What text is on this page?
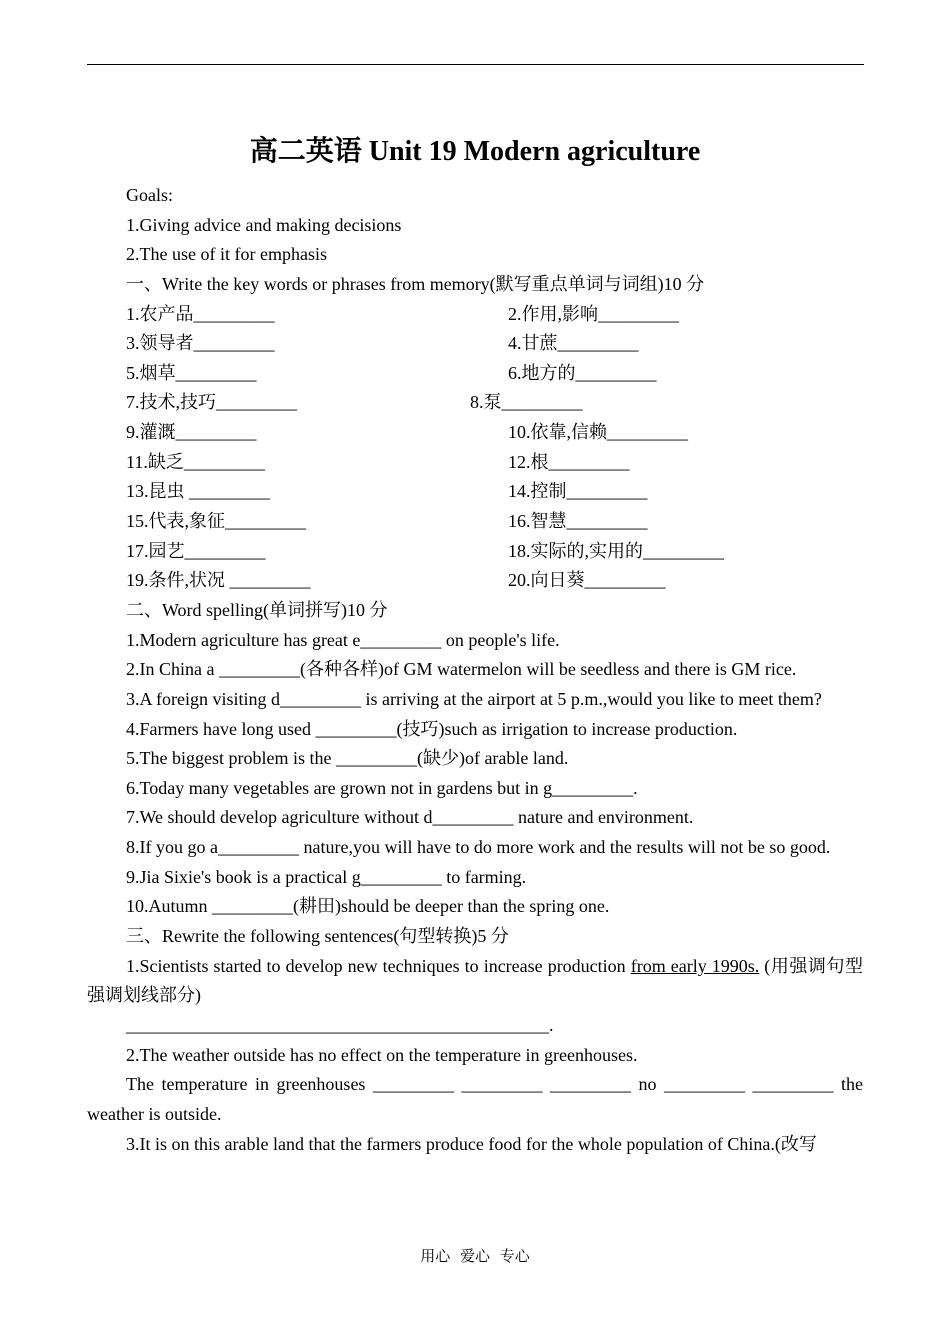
高二英语 Unit 19 Modern agriculture
Goals:
1.Giving advice and making decisions
2.The use of it for emphasis
一、Write the key words or phrases from memory(默写重点单词与词组)10 分
1.农产品_________	2.作用,影响_________
3.领导者_________	4.甘蔗_________
5.烟草_________	6.地方的_________
7.技术,技巧_________	8.泵_________
9.灌溉_________	10.依靠,信赖_________
11.缺乏_________	12.根_________
13.昆虫 _________	14.控制_________
15.代表,象征_________	16.智慧_________
17.园艺_________	18.实际的,实用的_________
19.条件,状况 _________	20.向日葵_________
二、Word spelling(单词拼写)10 分
1.Modern agriculture has great e_________ on people's life.
2.In China a _________(各种各样)of GM watermelon will be seedless and there is GM rice.
3.A foreign visiting d_________ is arriving at the airport at 5 p.m.,would you like to meet them?
4.Farmers have long used _________(技巧)such as irrigation to increase production.
5.The biggest problem is the _________(缺少)of arable land.
6.Today many vegetables are grown not in gardens but in g_________.
7.We should develop agriculture without d_________ nature and environment.
8.If you go a_________ nature,you will have to do more work and the results will not be so good.
9.Jia Sixie's book is a practical g_________ to farming.
10.Autumn _________(耕田)should be deeper than the spring one.
三、Rewrite the following sentences(句型转换)5 分
1.Scientists started to develop new techniques to increase production from early 1990s. (用强调句型强调划线部分)
_______________________________________________.
2.The weather outside has no effect on the temperature in greenhouses.
The temperature in greenhouses _________ _________ _________ no _________ _________ the weather is outside.
3.It is on this arable land that the farmers produce food for the whole population of China.(改写
用心 爱心 专心
